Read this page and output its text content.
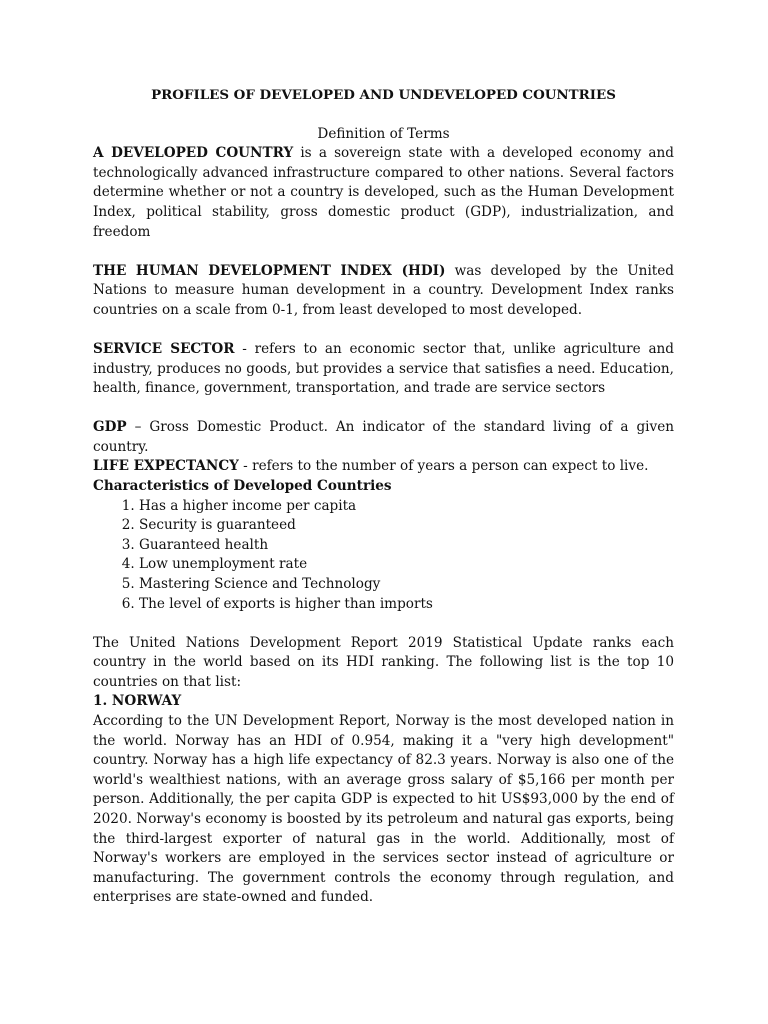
PROFILES OF DEVELOPED AND UNDEVELOPED COUNTRIES

Definition of Terms

A DEVELOPED COUNTRY is a sovereign state with a developed economy and technologically advanced infrastructure compared to other nations. Several factors determine whether or not a country is developed, such as the Human Development Index, political stability, gross domestic product (GDP), industrialization, and freedom

THE HUMAN DEVELOPMENT INDEX (HDI) was developed by the United Nations to measure human development in a country. Development Index ranks countries on a scale from 0-1, from least developed to most developed.

SERVICE SECTOR - refers to an economic sector that, unlike agriculture and industry, produces no goods, but provides a service that satisfies a need. Education, health, finance, government, transportation, and trade are service sectors

GDP – Gross Domestic Product. An indicator of the standard living of a given country.

LIFE EXPECTANCY - refers to the number of years a person can expect to live.

Characteristics of Developed Countries

1. Has a higher income per capita
2. Security is guaranteed
3. Guaranteed health
4. Low unemployment rate
5. Mastering Science and Technology
6. The level of exports is higher than imports

The United Nations Development Report 2019 Statistical Update ranks each country in the world based on its HDI ranking. The following list is the top 10 countries on that list:

1. NORWAY

According to the UN Development Report, Norway is the most developed nation in the world. Norway has an HDI of 0.954, making it a "very high development" country. Norway has a high life expectancy of 82.3 years. Norway is also one of the world's wealthiest nations, with an average gross salary of $5,166 per month per person. Additionally, the per capita GDP is expected to hit US$93,000 by the end of 2020. Norway's economy is boosted by its petroleum and natural gas exports, being the third-largest exporter of natural gas in the world. Additionally, most of Norway's workers are employed in the services sector instead of agriculture or manufacturing. The government controls the economy through regulation, and enterprises are state-owned and funded.
